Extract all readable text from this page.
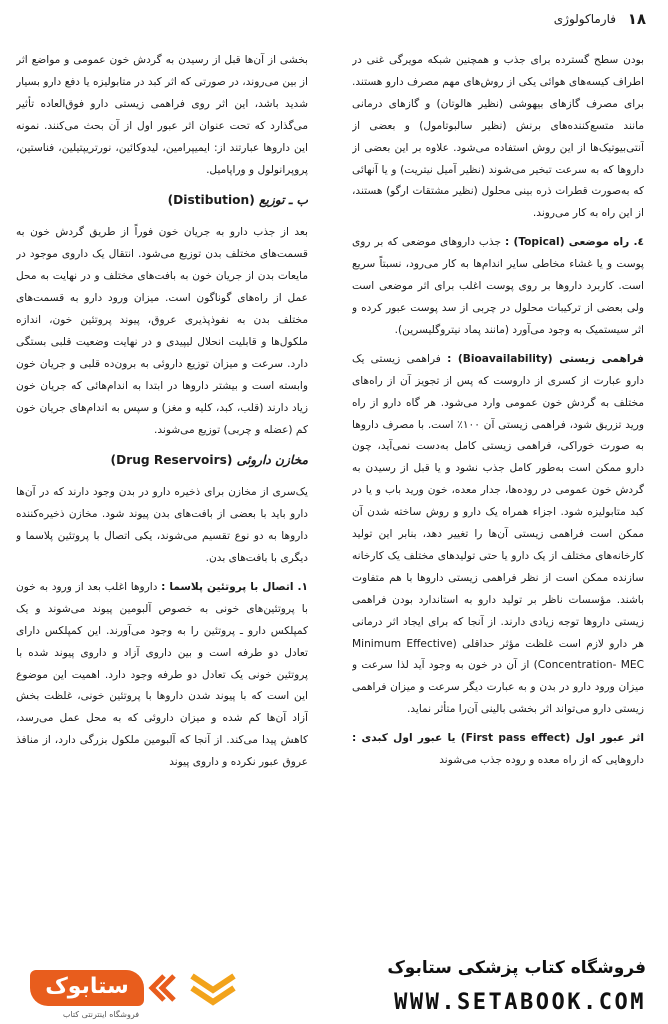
۱۸
فارماکولوژی

بودن سطح گسترده برای جذب و همچنین شبکه مویرگی غنی در اطراف کیسه‌های هوائی یکی از روش‌های مهم مصرف دارو هستند. برای مصرف گازهای بیهوشی (نظیر هالوتان) و گازهای درمانی مانند متسع‌کننده‌های برنش (نظیر سالبوتامول) و بعضی از آنتی‌بیوتیک‌ها از این روش استفاده می‌شود. علاوه بر این بعضی از داروها که به سرعت تبخیر می‌شوند (نظیر آمیل نیتریت) و یا آنهائی که به‌صورت قطرات ذره بینی محلول (نظیر مشتقات ارگو) هستند، از این راه به کار می‌روند.

٤. راه موضعی (Topical) : جذب داروهای موضعی که بر روی پوست و یا غشاء مخاطی سایر اندام‌ها به کار می‌رود، نسبتاً سریع است. کاربرد داروها بر روی پوست اغلب برای اثر موضعی است ولی بعضی از ترکیبات محلول در چربی از سد پوست عبور کرده و اثر سیستمیک به وجود می‌آورد (مانند پماد نیتروگلیسرین).

فراهمی زیستی (Bioavailability) : فراهمی زیستی یک دارو عبارت از کسری از داروست که پس از تجویز آن از راه‌های مختلف به گردش خون عمومی وارد می‌شود. هر گاه دارو از راه ورید تزریق شود، فراهمی زیستی آن ۱۰۰٪ است. با مصرف داروها به صورت خوراکی، فراهمی زیستی کامل به‌دست نمی‌آید، چون دارو ممکن است به‌طور کامل جذب نشود و یا قبل از رسیدن به گردش خون عمومی در روده‌ها، جدار معده، خون ورید باب و یا در کبد متابولیزه شود. اجزاء همراه یک دارو و روش ساخته شدن آن ممکن است فراهمی زیستی آن‌ها را تغییر دهد، بنابر این تولید کارخانه‌های مختلف از یک دارو یا حتی تولیدهای مختلف یک کارخانه سازنده ممکن است از نظر فراهمی زیستی داروها با هم متفاوت باشند. مؤسسات ناظر بر تولید دارو به استاندارد بودن فراهمی زیستی داروها توجه زیادی دارند. از آنجا که برای ایجاد اثر درمانی هر دارو لازم است غلظت مؤثر حداقلی (Minimum Effective Concentration- MEC) از آن در خون به وجود آید لذا سرعت و میزان ورود دارو در بدن و به عبارت دیگر سرعت و میزان فراهمی زیستی دارو می‌تواند اثر بخشی بالینی آن‌را متأثر نماید.

اثر عبور اول (First pass effect) یا عبور اول کبدی : داروهایی که از راه معده و روده جذب می‌شوند

بخشی از آن‌ها قبل از رسیدن به گردش خون عمومی و مواضع اثر از بین می‌روند، در صورتی که اثر کبد در متابولیزه یا دفع دارو بسیار شدید باشد، این اثر روی فراهمی زیستی دارو فوق‌العاده تأثیر می‌گذارد که تحت عنوان اثر عبور اول از آن بحث می‌کنند. نمونه این داروها عبارتند از: ایمیپرامین، لیدوکائین، نورتریپتیلین، فناستین، پروپرانولول و وراپامیل.

ب ـ توزیع (Distibution)

بعد از جذب دارو به جریان خون فوراً از طریق گردش خون به قسمت‌های مختلف بدن توزیع می‌شود. انتقال یک داروی موجود در مایعات بدن از جریان خون به بافت‌های مختلف و در نهایت به محل عمل از راه‌های گوناگون است. میزان ورود دارو به قسمت‌های مختلف بدن به نفوذپذیری عروق، پیوند پروتئین خون، اندازه ملکول‌ها و قابلیت انحلال لیپیدی و در نهایت وضعیت قلبی بستگی دارد. سرعت و میزان توزیع داروئی به برون‌ده قلبی و جریان خون وابسته است و بیشتر داروها در ابتدا به اندام‌هائی که جریان خون زیاد دارند (قلب، کبد، کلیه و مغز) و سپس به اندام‌های جریان خون کم (عضله و چربی) توزیع می‌شوند.

مخازن داروئی (Drug Reservoirs)

یک‌سری از مخازن برای ذخیره دارو در بدن وجود دارند که در آن‌ها دارو باید با بعضی از بافت‌های بدن پیوند شود. مخازن ذخیره‌کننده داروها به دو نوع تقسیم می‌شوند، یکی اتصال با پروتئین پلاسما و دیگری با بافت‌های بدن.

۱. اتصال با پروتئین پلاسما : داروها اغلب بعد از ورود به خون با پروتئین‌های خونی به خصوص آلبومین پیوند می‌شوند و یک کمپلکس دارو ـ پروتئین را به وجود می‌آورند. این کمپلکس دارای تعادل دو طرفه است و بین داروی آزاد و داروی پیوند شده با پروتئین خونی یک تعادل دو طرفه وجود دارد. اهمیت این موضوع این است که با پیوند شدن داروها با پروتئین خونی، غلظت بخش آزاد آن‌ها کم شده و میزان داروئی که به محل عمل می‌رسد، کاهش پیدا می‌کند. از آنجا که آلبومین ملکول بزرگی دارد، از منافذ عروق عبور نکرده و داروی پیوند

ستابوک
فروشگاه اینترنتی کتاب
فروشگاه کتاب پزشکی ستابوک
WWW.SETABOOK.COM
